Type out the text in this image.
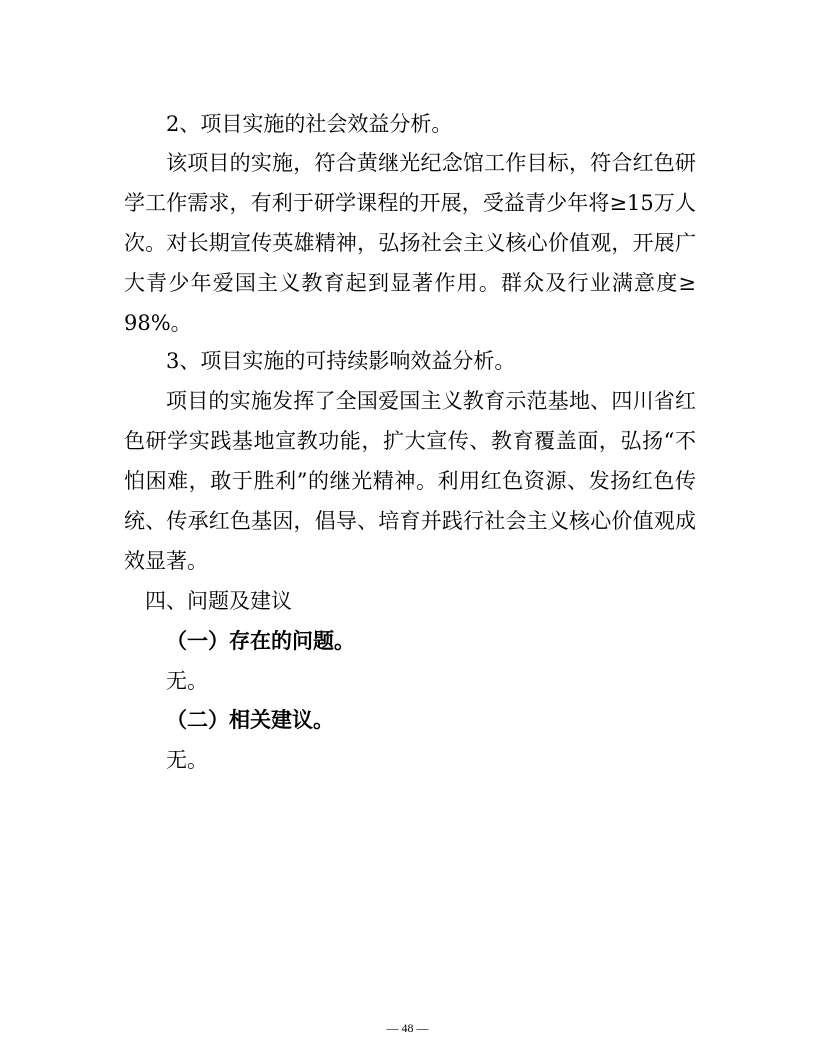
2、项目实施的社会效益分析。
该项目的实施，符合黄继光纪念馆工作目标，符合红色研
学工作需求，有利于研学课程的开展，受益青少年将≥15万人
次。对长期宣传英雄精神，弘扬社会主义核心价值观，开展广
大青少年爱国主义教育起到显著作用。群众及行业满意度≥
98%。
3、项目实施的可持续影响效益分析。
项目的实施发挥了全国爱国主义教育示范基地、四川省红
色研学实践基地宣教功能，扩大宣传、教育覆盖面，弘扬“不
怕困难，敢于胜利”的继光精神。利用红色资源、发扬红色传
统、传承红色基因，倡导、培育并践行社会主义核心价值观成
效显著。
四、问题及建议
（一）存在的问题。
无。
（二）相关建议。
无。
— 48 —
